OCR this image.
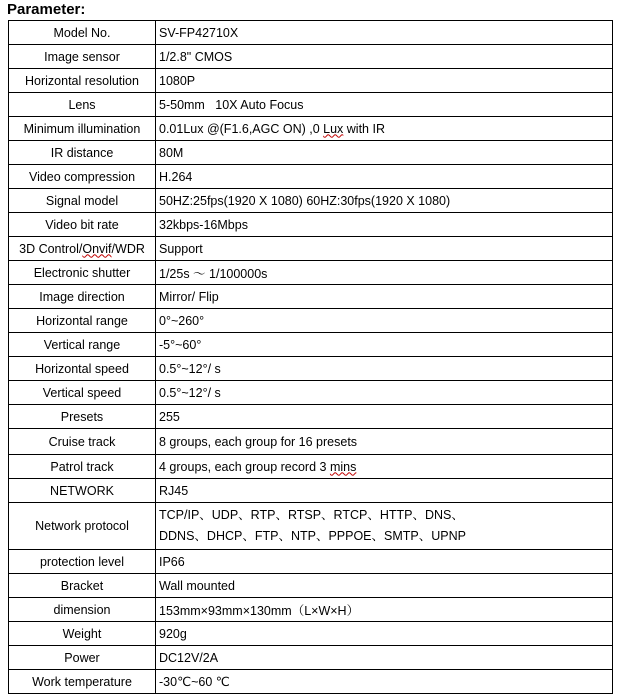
Parameter:
Model No.	SV-FP42710X
Image sensor	1/2.8" CMOS
Horizontal resolution	1080P
Lens	5-50mm   10X Auto Focus
Minimum illumination	0.01Lux @(F1.6,AGC ON) ,0 Lux with IR
IR distance	80M
Video compression	H.264
Signal model	50HZ:25fps(1920 X 1080) 60HZ:30fps(1920 X 1080)
Video bit rate	32kbps-16Mbps
3D Control/Onvif/WDR	Support
Electronic shutter	1/25s ～ 1/100000s
Image direction	Mirror/ Flip
Horizontal range	0°~260°
Vertical range	-5°~60°
Horizontal speed	0.5°~12°/ s
Vertical speed	0.5°~12°/ s
Presets	255
Cruise track	8 groups, each group for 16 presets
Patrol track	4 groups, each group record 3 mins
NETWORK	RJ45
Network protocol	TCP/IP、UDP、RTP、RTSP、RTCP、HTTP、DNS、
DDNS、DHCP、FTP、NTP、PPPOE、SMTP、UPNP

protection level	IP66
Bracket	Wall mounted
dimension	153mm×93mm×130mm（L×W×H）
Weight	920g
Power	DC12V/2A
Work temperature	-30℃~60 ℃
